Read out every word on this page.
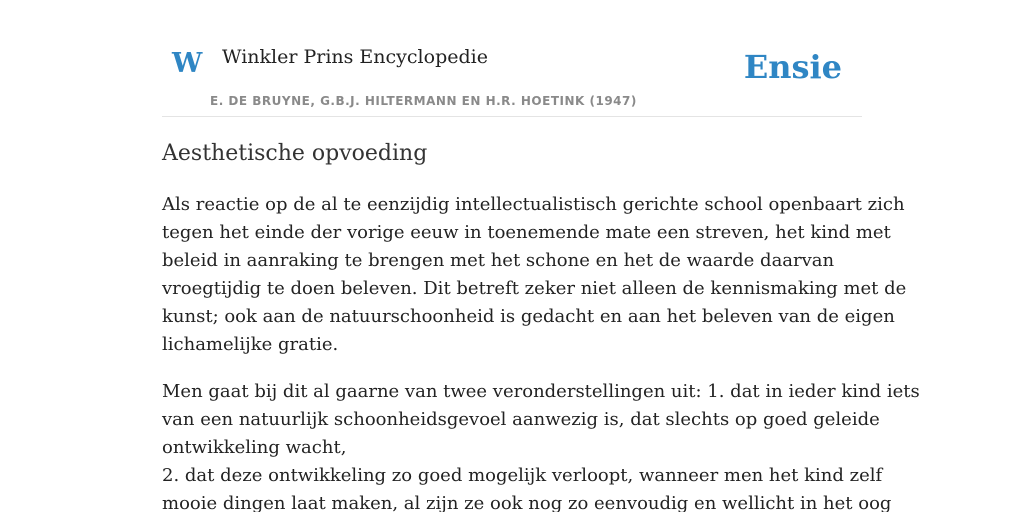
W Winkler Prins Encyclopedie
E. DE BRUYNE, G.B.J. HILTERMANN EN H.R. HOETINK (1947)
Ensie
Aesthetische opvoeding

Als reactie op de al te eenzijdig intellectualistisch gerichte school openbaart zich
tegen het einde der vorige eeuw in toenemende mate een streven, het kind met
beleid in aanraking te brengen met het schone en het de waarde daarvan
vroegtijdig te doen beleven. Dit betreft zeker niet alleen de kennismaking met de
kunst; ook aan de natuurschoonheid is gedacht en aan het beleven van de eigen
lichamelijke gratie.

Men gaat bij dit al gaarne van twee veronderstellingen uit: 1. dat in ieder kind iets
van een natuurlijk schoonheidsgevoel aanwezig is, dat slechts op goed geleide
ontwikkeling wacht,
2. dat deze ontwikkeling zo goed mogelijk verloopt, wanneer men het kind zelf
mooie dingen laat maken, al zijn ze ook nog zo eenvoudig en wellicht in het oog
